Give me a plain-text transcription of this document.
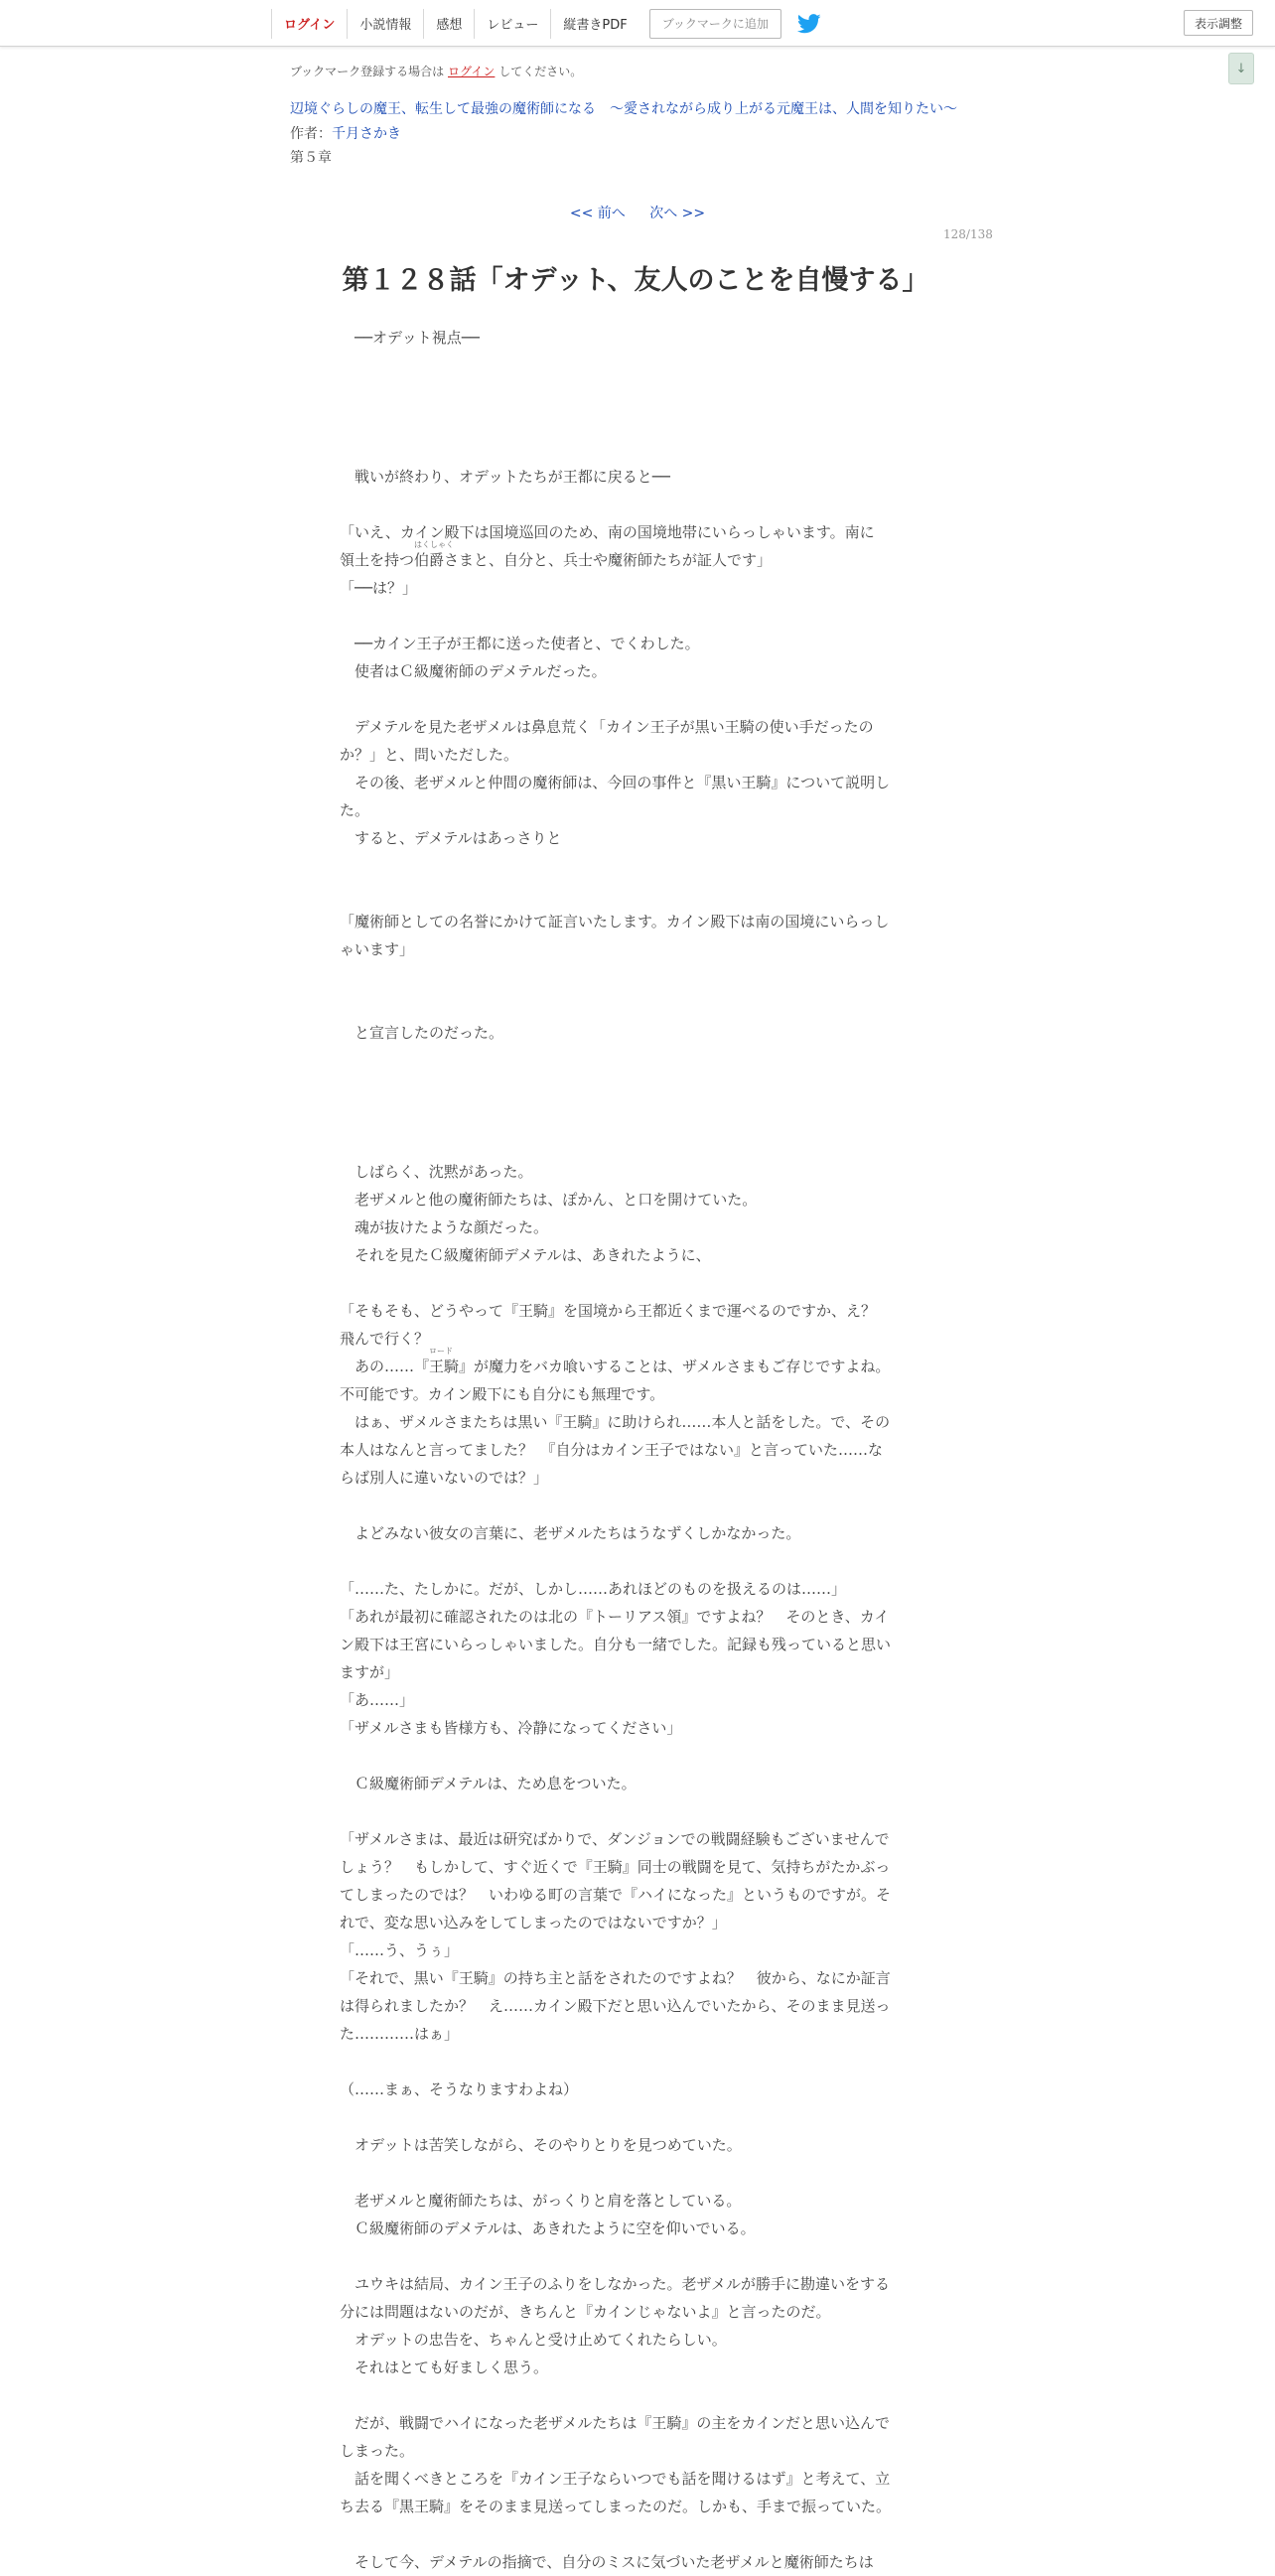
ログイン	小説情報	感想	レビュー	縦書きPDF	ブックマークに追加	表示調整
↓
ブックマーク登録する場合は ログイン してください。
辺境ぐらしの魔王、転生して最強の魔術師になる　〜愛されながら成り上がる元魔王は、人間を知りたい〜
作者：千月さかき
第５章
<< 前へ 次へ >>
128/138
第１２８話「オデット、友人のことを自慢する」
　──オデット視点──
　戦いが終わり、オデットたちが王都に戻ると──
「いえ、カイン殿下は国境巡回のため、南の国境地帯にいらっしゃいます。南に
領土を持つ伯爵
はくしゃく
さまと、自分と、兵士や魔術師たちが証人です」
「──は？」
　──カイン王子が王都に送った使者と、でくわした。
　使者はＣ級魔術師のデメテルだった。
　デメテルを見た老ザメルは鼻息荒く「カイン王子が黒い王騎の使い手だったの
か？」と、問いただした。
　その後、老ザメルと仲間の魔術師は、今回の事件と『黒い王騎』について説明し
た。
　すると、デメテルはあっさりと
「魔術師としての名誉にかけて証言いたします。カイン殿下は南の国境にいらっし
ゃいます」
　と宣言したのだった。
　しばらく、沈黙があった。
　老ザメルと他の魔術師たちは、ぽかん、と口を開けていた。
　魂が抜けたような顔だった。
　それを見たＣ級魔術師デメテルは、あきれたように、
「そもそも、どうやって『王騎』を国境から王都近くまで運べるのですか、え？
飛んで行く？
　あの……『王騎
ロード
』が魔力をバカ喰いすることは、ザメルさまもご存じですよね。
不可能です。カイン殿下にも自分にも無理です。
　はぁ、ザメルさまたちは黒い『王騎』に助けられ……本人と話をした。で、その
本人はなんと言ってました？　『自分はカイン王子ではない』と言っていた……な
らば別人に違いないのでは？」
　よどみない彼女の言葉に、老ザメルたちはうなずくしかなかった。
「……た、たしかに。だが、しかし……あれほどのものを扱えるのは……」
「あれが最初に確認されたのは北の『トーリアス領』ですよね？　そのとき、カイ
ン殿下は王宮にいらっしゃいました。自分も一緒でした。記録も残っていると思い
ますが」
「あ……」
「ザメルさまも皆様方も、冷静になってください」
　Ｃ級魔術師デメテルは、ため息をついた。
「ザメルさまは、最近は研究ばかりで、ダンジョンでの戦闘経験もございませんで
しょう？　もしかして、すぐ近くで『王騎』同士の戦闘を見て、気持ちがたかぶっ
てしまったのでは？　いわゆる町の言葉で『ハイになった』というものですが。そ
れで、変な思い込みをしてしまったのではないですか？」
「……う、うぅ」
「それで、黒い『王騎』の持ち主と話をされたのですよね？　彼から、なにか証言
は得られましたか？　え……カイン殿下だと思い込んでいたから、そのまま見送っ
た…………はぁ」
（……まぁ、そうなりますわよね）
　オデットは苦笑しながら、そのやりとりを見つめていた。
　老ザメルと魔術師たちは、がっくりと肩を落としている。
　Ｃ級魔術師のデメテルは、あきれたように空を仰いでいる。
　ユウキは結局、カイン王子のふりをしなかった。老ザメルが勝手に勘違いをする
分には問題はないのだが、きちんと『カインじゃないよ』と言ったのだ。
　オデットの忠告を、ちゃんと受け止めてくれたらしい。
　それはとても好ましく思う。
　だが、戦闘でハイになった老ザメルたちは『王騎』の主をカインだと思い込んで
しまった。
　話を聞くべきところを『カイン王子ならいつでも話を聞けるはず』と考えて、立
ち去る『黒王騎』をそのまま見送ってしまったのだ。しかも、手まで振っていた。
　そして今、デメテルの指摘で、自分のミスに気づいた老ザメルと魔術師たちは
